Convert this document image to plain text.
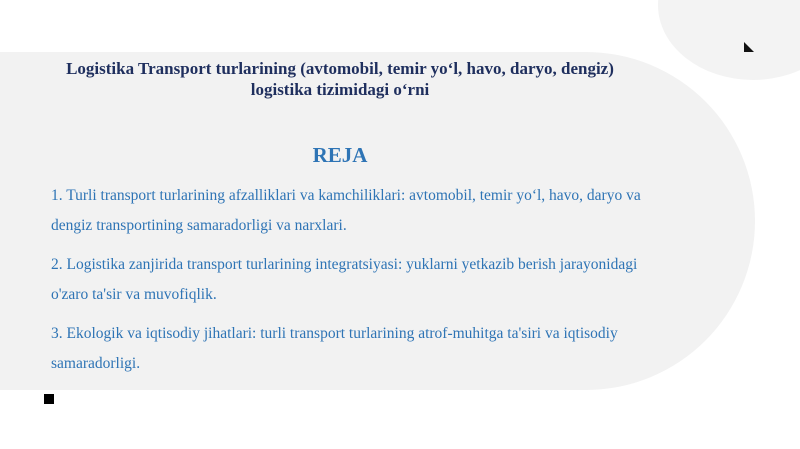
Logistika Transport turlarining (avtomobil, temir yo‘l, havo, daryo, dengiz) logistika tizimidagi o‘rni
REJA
1. Turli transport turlarining afzalliklari va kamchiliklari: avtomobil, temir yo‘l, havo, daryo va dengiz transportining samaradorligi va narxlari.
2. Logistika zanjirida transport turlarining integratsiyasi: yuklarni yetkazib berish jarayonidagi o'zaro ta'sir va muvofiqlik.
3. Ekologik va iqtisodiy jihatlari: turli transport turlarining atrof-muhitga ta'siri va iqtisodiy samaradorligi.
